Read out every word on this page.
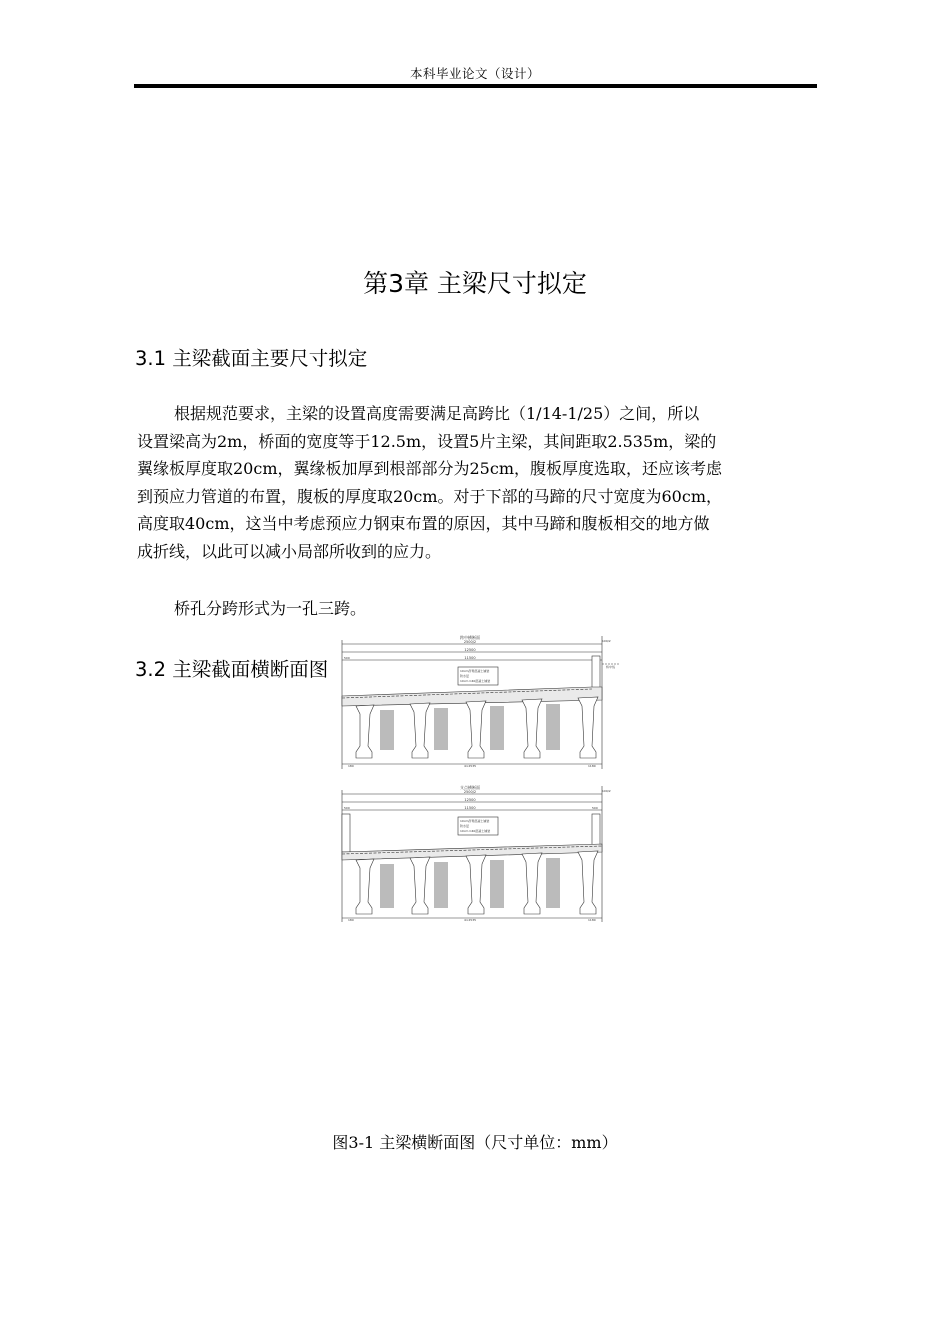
本科毕业论文（设计）
第3章 主梁尺寸拟定
3.1 主梁截面主要尺寸拟定
根据规范要求，主梁的设置高度需要满足高跨比（1/14-1/25）之间，所以
设置梁高为2m，桥面的宽度等于12.5m，设置5片主梁，其间距取2.535m，梁的
翼缘板厚度取20cm，翼缘板加厚到根部部分为25cm，腹板厚度选取，还应该考虑
到预应力管道的布置，腹板的厚度取20cm。对于下部的马蹄的尺寸宽度为60cm，
高度取40cm，这当中考虑预应力钢束布置的原因，其中马蹄和腹板相交的地方做
成折线，以此可以减小局部所收到的应力。
桥孔分跨形式为一孔三跨。
跨中横断面
2500/2
12500
11500
500
100/2
桥中线
10cm沥青混凝土铺装
防水层
10cm C40混凝土铺装
180	4×2535	1180
支点横断面
2500/2
12500
11500
500	500
100/2
10cm沥青混凝土铺装
防水层
10cm C40混凝土铺装
180	4×2535	1180
3.2 主梁截面横断面图
图3-1 主梁横断面图（尺寸单位：mm）
